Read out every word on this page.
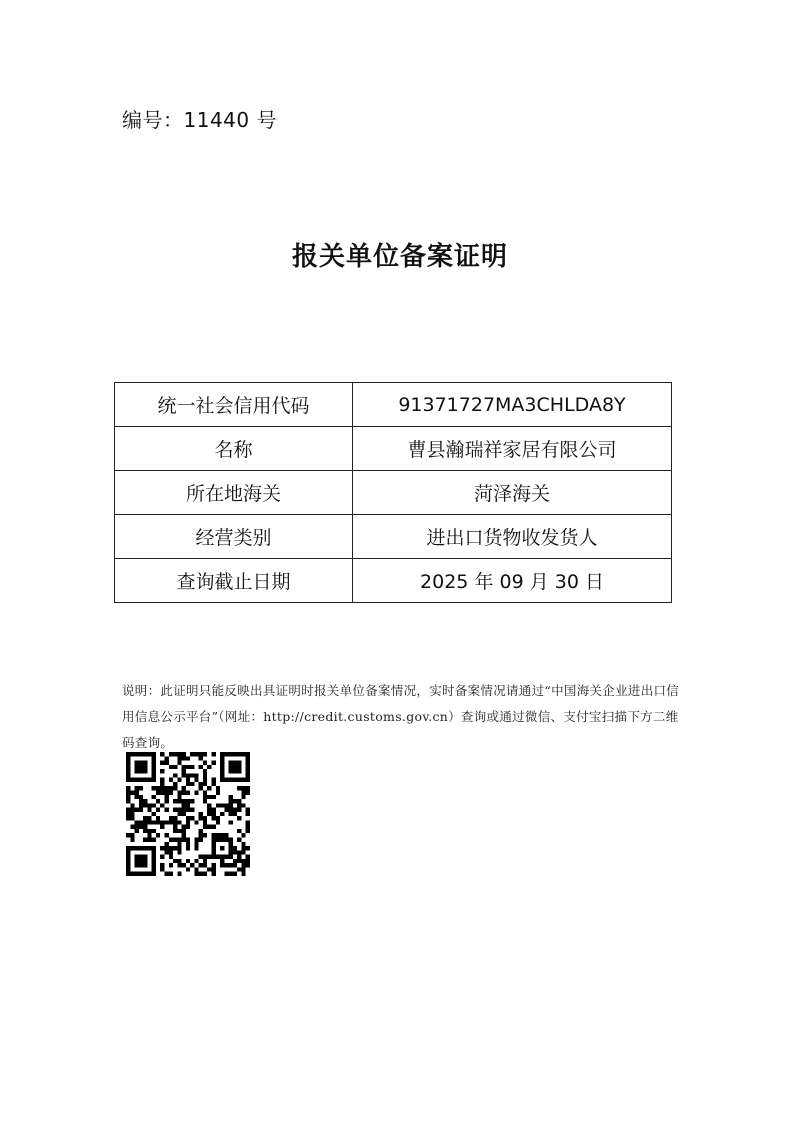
编号：11440 号
报关单位备案证明
统一社会信用代码	91371727MA3CHLDA8Y
名称	曹县瀚瑞祥家居有限公司
所在地海关	菏泽海关
经营类别	进出口货物收发货人
查询截止日期	2025 年 09 月 30 日
说明：此证明只能反映出具证明时报关单位备案情况，实时备案情况请通过“中国海关企业进出口信用信息公示平台”（网址：http://credit.customs.gov.cn）查询或通过微信、支付宝扫描下方二维码查询。
